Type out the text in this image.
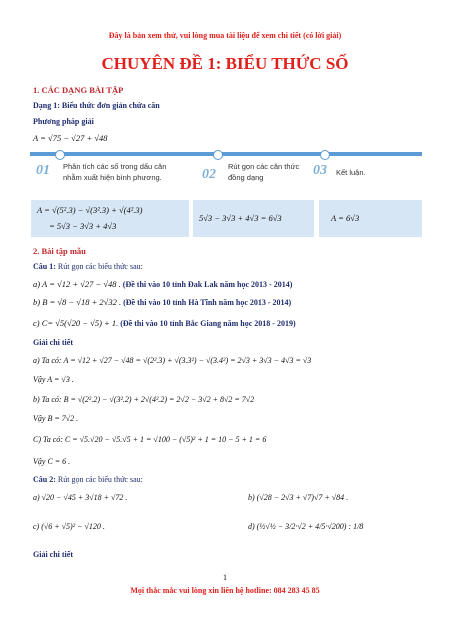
Đây là bản xem thử, vui lòng mua tài liệu để xem chi tiết (có lời giải)
CHUYÊN ĐỀ 1: BIỂU THỨC SỐ
1. CÁC DẠNG BÀI TẬP
Dạng 1: Biểu thức đơn giản chứa căn
Phương pháp giải
A = √75 − √27 + √48
01 Phân tích các số trong dấu căn nhằm xuất hiện bình phương.	02
Rút gọn các căn thức đồng dạng	03 Kết luận.
A = √(5².3) − √(3².3) + √(4².3)
= 5√3 − 3√3 + 4√3
5√3 − 3√3 + 4√3 = 6√3	A = 6√3
2. Bài tập mẫu
Câu 1: Rút gọn các biểu thức sau:
a) A = √12 + √27 − √48 . (Đề thi vào 10 tỉnh Đak Lak năm học 2013 - 2014)
b) B = √8 − √18 + 2√32 . (Đề thi vào 10 tỉnh Hà Tĩnh năm học 2013 - 2014)
c) C= √5(√20 − √5) + 1. (Đề thi vào 10 tỉnh Bắc Giang năm học 2018 - 2019)
Giải chi tiết
a) Ta có: A = √12 + √27 − √48 = √(2².3) + √(3.3²) − √(3.4²) = 2√3 + 3√3 − 4√3 = √3
Vậy A = √3 .
b) Ta có: B = √(2².2) − √(3².2) + 2√(4².2) = 2√2 − 3√2 + 8√2 = 7√2
Vậy B = 7√2 .
C) Ta có: C = √5.√20 − √5.√5 + 1 = √100 − (√5)² + 1 = 10 − 5 + 1 = 6
Vậy C = 6 .
Câu 2: Rút gọn các biểu thức sau:
a) √20 − √45 + 3√18 + √72 .	b) (√28 − 2√3 + √7)√7 + √84 .
c) (√6 + √5)² − √120 .	d) (½√½ − 3/2·√2 + 4/5·√200) : 1/8
Giải chi tiết
1
Mọi thắc mắc vui lòng xin liên hệ hotline: 084 283 45 85
